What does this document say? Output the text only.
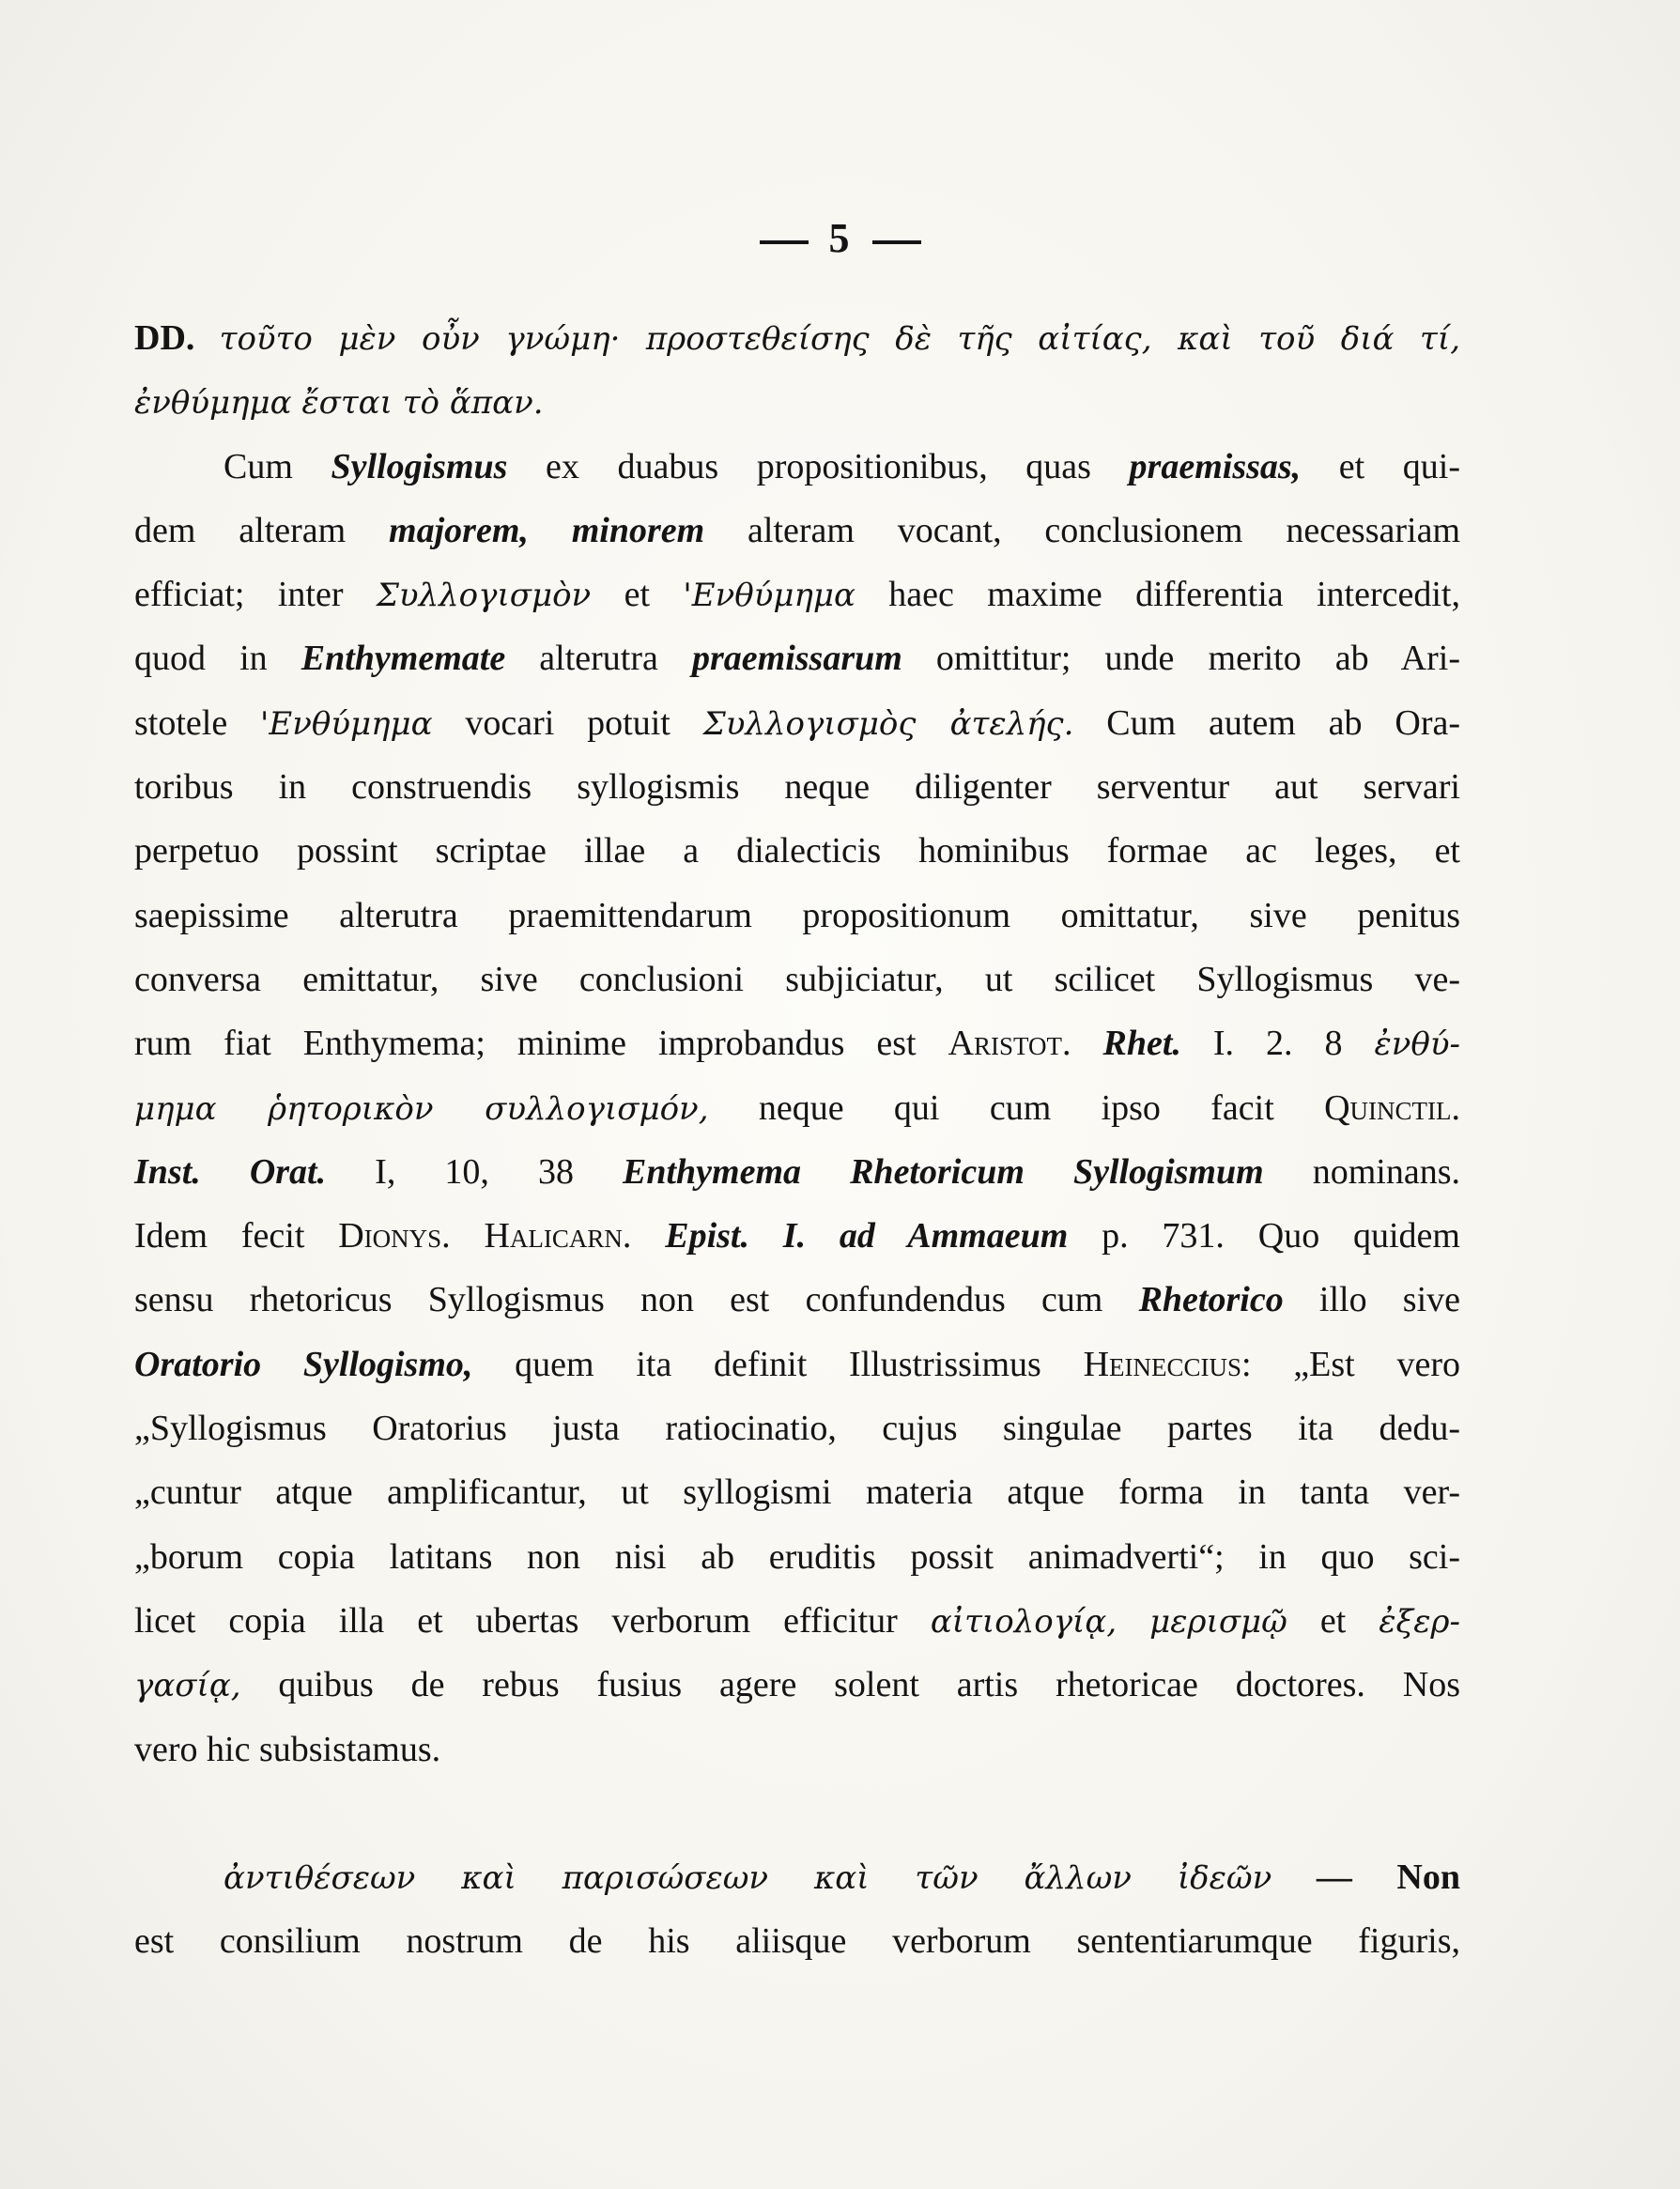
5
DD. τοῦτο μὲν οὖν γνώμη· προστεθείσης δὲ τῆς αἰτίας, καὶ τοῦ διά τί,
ἐνθύμημα ἔσται τὸ ἅπαν.
Cum Syllogismus ex duabus propositionibus, quas praemissas, et qui-
dem alteram majorem, minorem alteram vocant, conclusionem necessariam
efficiat; inter Συλλογισμὸν et 'Ενθύμημα haec maxime differentia intercedit,
quod in Enthymemate alterutra praemissarum omittitur; unde merito ab Ari-
stotele 'Ενθύμημα vocari potuit Συλλογισμὸς ἀτελής. Cum autem ab Ora-
toribus in construendis syllogismis neque diligenter serventur aut servari
perpetuo possint scriptae illae a dialecticis hominibus formae ac leges, et
saepissime alterutra praemittendarum propositionum omittatur, sive penitus
conversa emittatur, sive conclusioni subjiciatur, ut scilicet Syllogismus ve-
rum fiat Enthymema; minime improbandus est Aristot. Rhet. I. 2. 8 ἐνθύ-
μημα ῥητορικὸν συλλογισμόν, neque qui cum ipso facit Quinctil.
Inst. Orat. I, 10, 38 Enthymema Rhetoricum Syllogismum nominans.
Idem fecit Dionys. Halicarn. Epist. I. ad Ammaeum p. 731. Quo quidem
sensu rhetoricus Syllogismus non est confundendus cum Rhetorico illo sive
Oratorio Syllogismo, quem ita definit Illustrissimus Heineccius: „Est vero
„Syllogismus Oratorius justa ratiocinatio, cujus singulae partes ita dedu-
„cuntur atque amplificantur, ut syllogismi materia atque forma in tanta ver-
„borum copia latitans non nisi ab eruditis possit animadverti“; in quo sci-
licet copia illa et ubertas verborum efficitur αἰτιολογίᾳ, μερισμῷ et ἐξερ-
γασίᾳ, quibus de rebus fusius agere solent artis rhetoricae doctores. Nos
vero hic subsistamus.
ἀντιθέσεων καὶ παρισώσεων καὶ τῶν ἄλλων ἰδεῶν — Non
est consilium nostrum de his aliisque verborum sententiarumque figuris,
